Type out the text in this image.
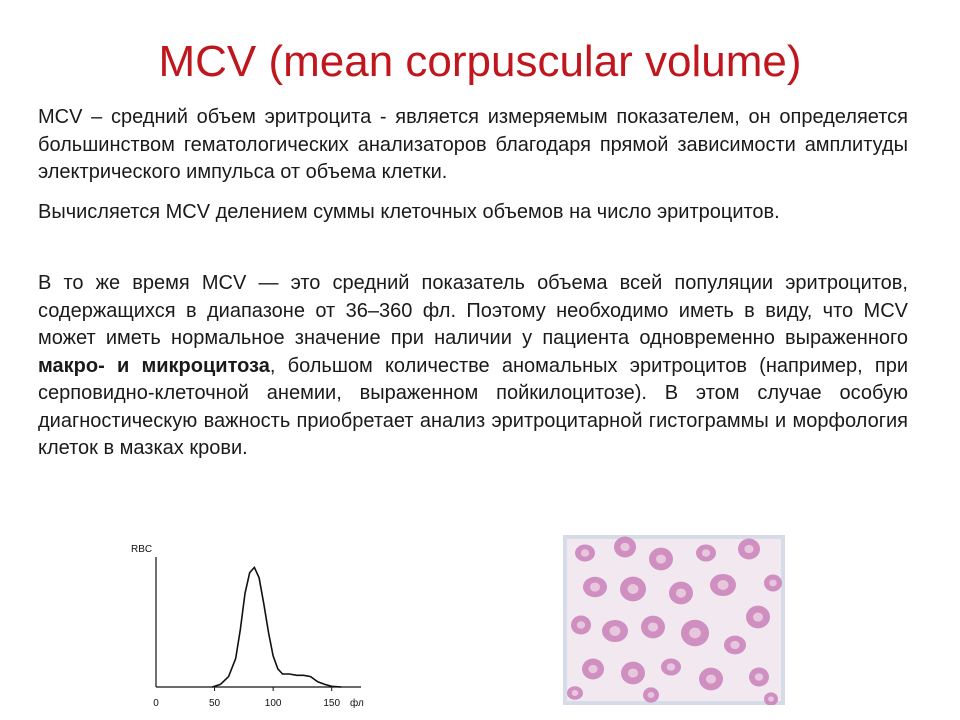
MCV (mean corpuscular volume)
MCV – средний объем эритроцита - является измеряемым показателем, он определяется большинством гематологических анализаторов благодаря прямой зависимости амплитуды электрического импульса от объема клетки.
Вычисляется MCV делением суммы клеточных объемов на число эритроцитов.
В то же время MCV — это средний показатель объема всей популяции эритроцитов, содержащихся в диапазоне от 36–360 фл. Поэтому необходимо иметь в виду, что MCV может иметь нормальное значение при наличии у пациента одновременно выраженного макро- и микроцитоза, большом количестве аномальных эритроцитов (например, при серповидно-клеточной анемии, выраженном пойкилоцитозе). В этом случае особую диагностическую важность приобретает анализ эритроцитарной гистограммы и морфология клеток в мазках крови.
RBC
0	50	100	150 фл
